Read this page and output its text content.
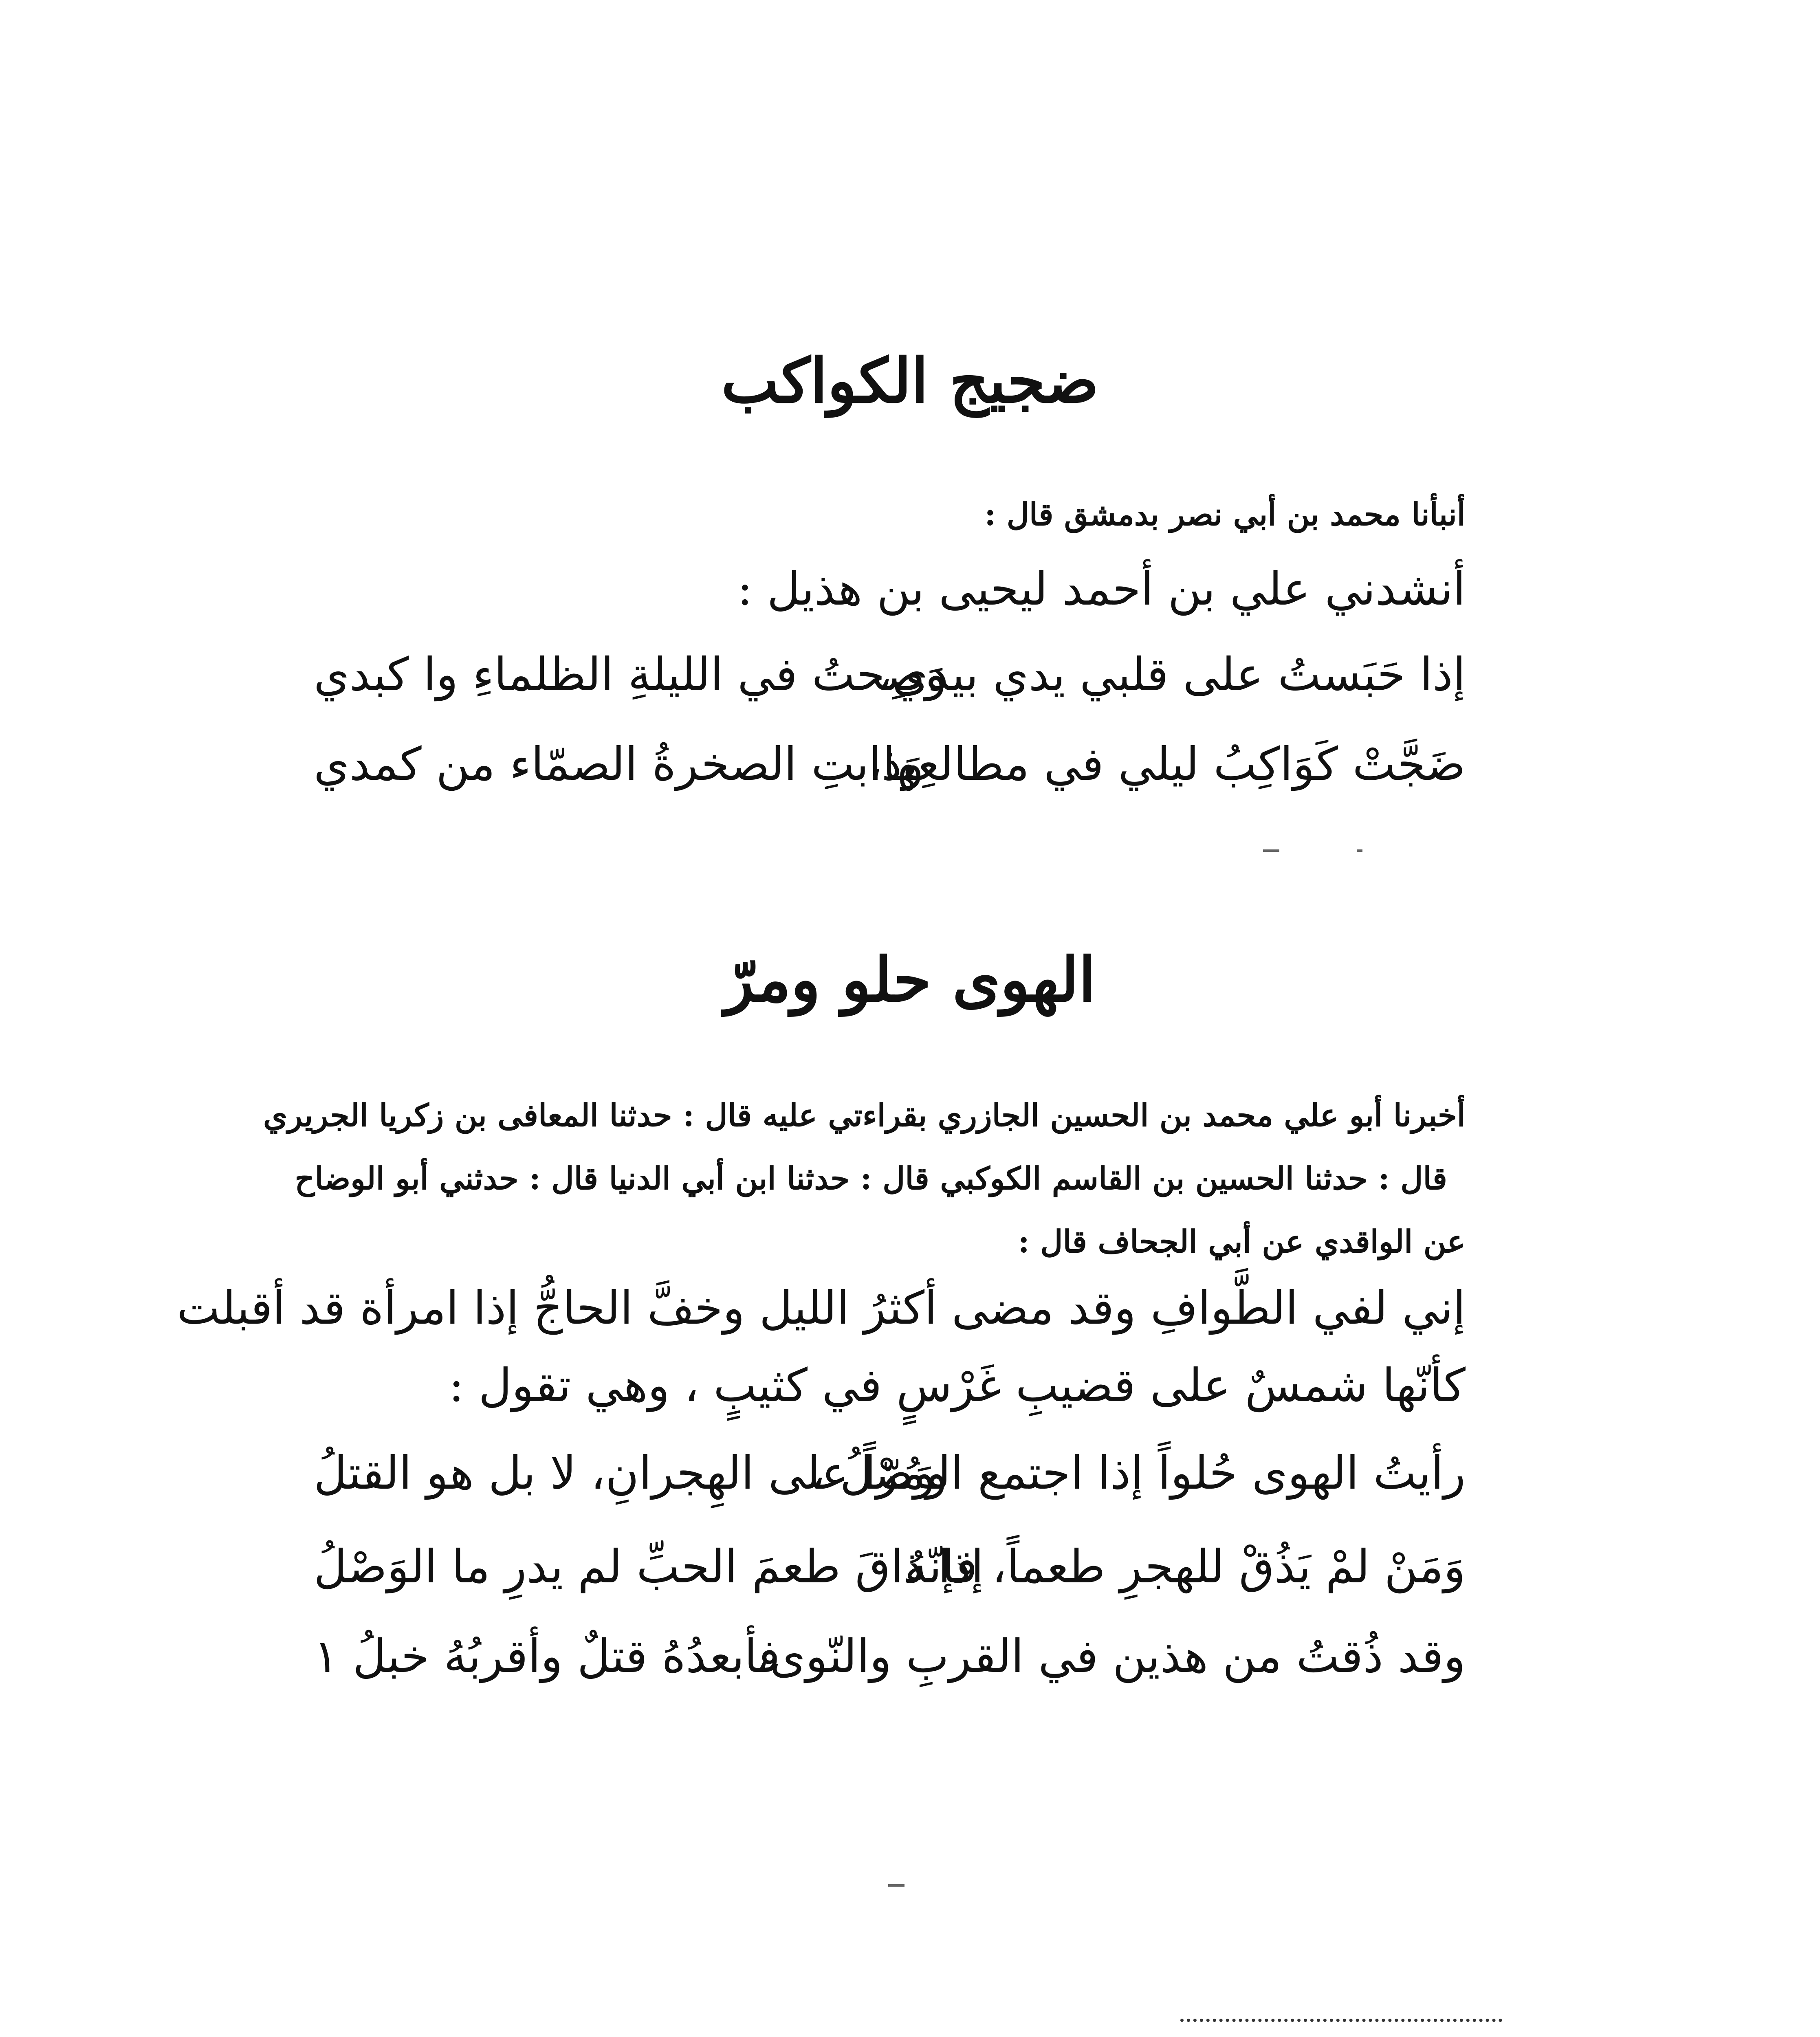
ضجيج الكواكب
أنبأنا محمد بن أبي نصر بدمشق قال :
أنشدني علي بن أحمد ليحيى بن هذيل :
إذا حَبَستُ على قلبي يدي بيدي،
وَصِحتُ في الليلةِ الظلماءِ وا كبدي
ضَجَّتْ كَوَاكِبُ ليلي في مطالعِها،
وَذابتِ الصخرةُ الصمّاء من كمدي
الهوى حلو ومرّ
أخبرنا أبو علي محمد بن الحسين الجازري بقراءتي عليه قال : حدثنا المعافى بن زكريا الجريري
قال : حدثنا الحسين بن القاسم الكوكبي قال : حدثنا ابن أبي الدنيا قال : حدثني أبو الوضاح
عن الواقدي عن أبي الجحاف قال :
إني لفي الطَّوافِ وقد مضى أكثرُ الليل وخفَّ الحاجُّ إذا امرأة قد أقبلت
كأنّها شمسٌ على قضيبِ غَرْسٍ في كثيبٍ ، وهي تقول :
رأيتُ الهوى حُلواً إذا اجتمع الوَصْلُ ،
ومُرّاً على الهِجرانِ، لا بل هو القتلُ
وَمَنْ لمْ يَذُقْ للهجرِ طعماً، فإنّهُ
إذا ذاقَ طعمَ الحبِّ لم يدرِ ما الوَصْلُ
وقد ذُقتُ من هذين في القربِ والنّوى،
فأبعدُهُ قتلٌ وأقربُهُ خبلُ ١
